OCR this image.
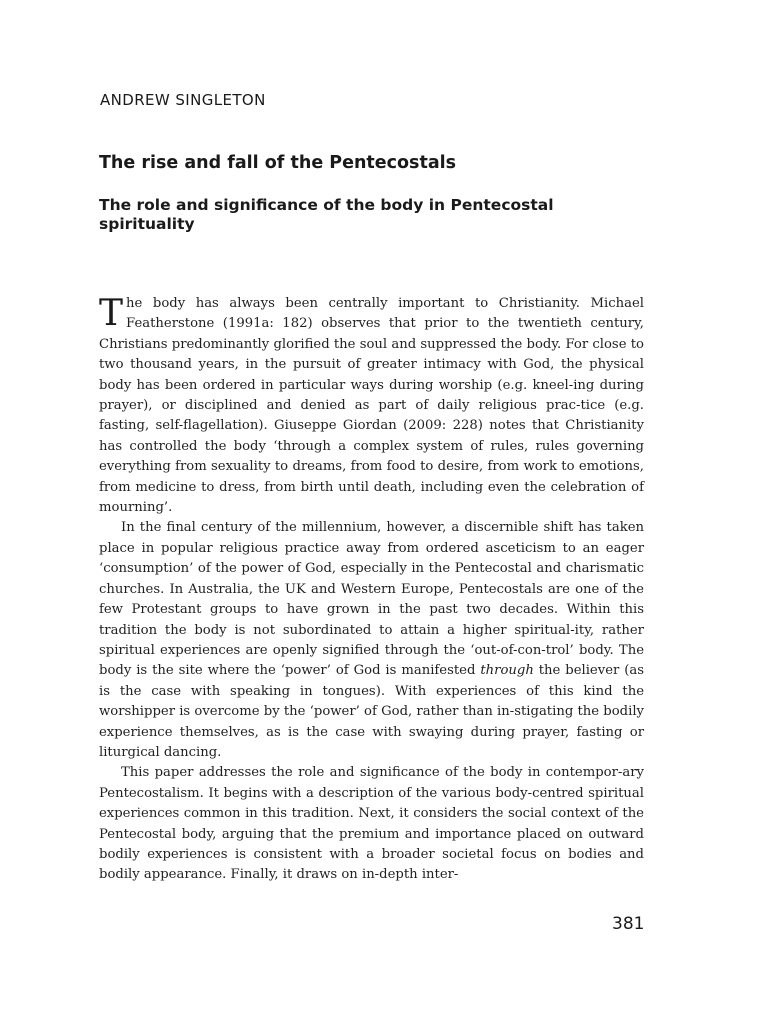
ANDREW SINGLETON
The rise and fall of the Pentecostals
The role and significance of the body in Pentecostal spirituality

The body has always been centrally important to Christianity. Michael Featherstone (1991a: 182) observes that prior to the twentieth century, Christians predominantly glorified the soul and suppressed the body. For close to two thousand years, in the pursuit of greater intimacy with God, the physical body has been ordered in particular ways during worship (e.g. kneel-ing during prayer), or disciplined and denied as part of daily religious prac-tice (e.g. fasting, self-flagellation). Giuseppe Giordan (2009: 228) notes that Christianity has controlled the body ‘through a complex system of rules, rules governing everything from sexuality to dreams, from food to desire, from work to emotions, from medicine to dress, from birth until death, including even the celebration of mourning’.

In the final century of the millennium, however, a discernible shift has taken place in popular religious practice away from ordered asceticism to an eager ‘consumption’ of the power of God, especially in the Pentecostal and charismatic churches. In Australia, the UK and Western Europe, Pentecostals are one of the few Protestant groups to have grown in the past two decades. Within this tradition the body is not subordinated to attain a higher spiritual-ity, rather spiritual experiences are openly signified through the ‘out-of-con-trol’ body. The body is the site where the ‘power’ of God is manifested through the believer (as is the case with speaking in tongues). With experiences of this kind the worshipper is overcome by the ‘power’ of God, rather than in-stigating the bodily experience themselves, as is the case with swaying during prayer, fasting or liturgical dancing.

This paper addresses the role and significance of the body in contempor-ary Pentecostalism. It begins with a description of the various body-centred spiritual experiences common in this tradition. Next, it considers the social context of the Pentecostal body, arguing that the premium and importance placed on outward bodily experiences is consistent with a broader societal focus on bodies and bodily appearance. Finally, it draws on in-depth inter-

381
